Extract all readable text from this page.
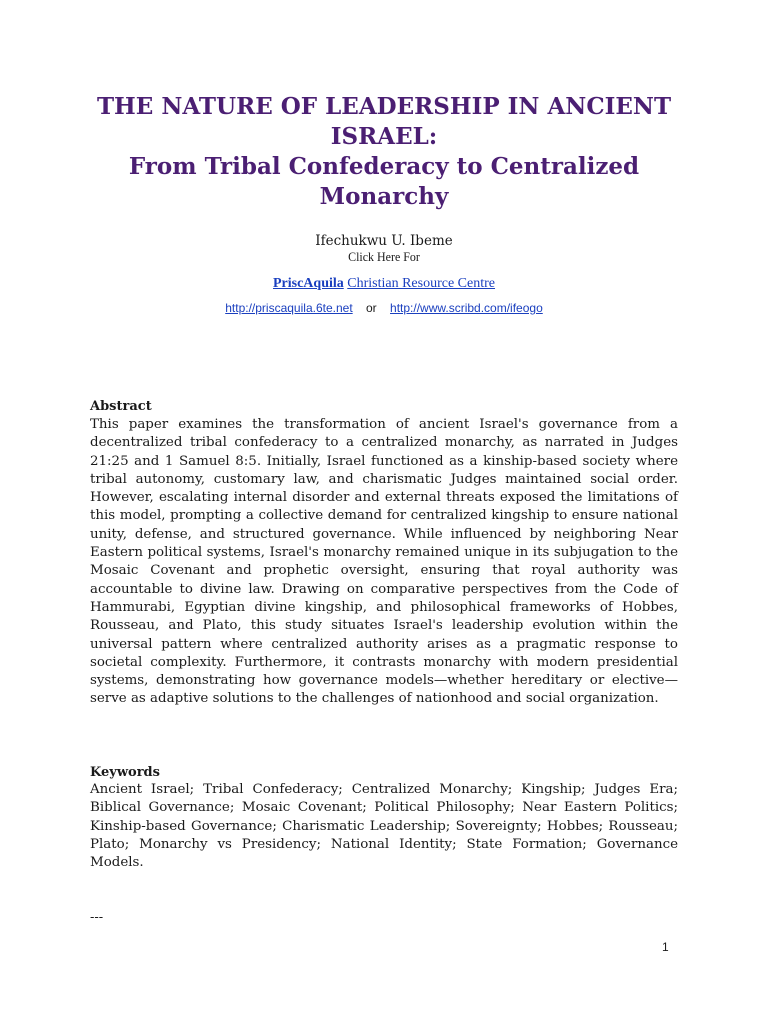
THE NATURE OF LEADERSHIP IN ANCIENT ISRAEL:
From Tribal Confederacy to Centralized Monarchy
Ifechukwu U. Ibeme
Click Here For
PriscAquila Christian Resource Centre
http://priscaquila.6te.net or http://www.scribd.com/ifeogo
Abstract
This paper examines the transformation of ancient Israel's governance from a decentralized tribal confederacy to a centralized monarchy, as narrated in Judges 21:25 and 1 Samuel 8:5. Initially, Israel functioned as a kinship-based society where tribal autonomy, customary law, and charismatic Judges maintained social order. However, escalating internal disorder and external threats exposed the limitations of this model, prompting a collective demand for centralized kingship to ensure national unity, defense, and structured governance. While influenced by neighboring Near Eastern political systems, Israel's monarchy remained unique in its subjugation to the Mosaic Covenant and prophetic oversight, ensuring that royal authority was accountable to divine law. Drawing on comparative perspectives from the Code of Hammurabi, Egyptian divine kingship, and philosophical frameworks of Hobbes, Rousseau, and Plato, this study situates Israel's leadership evolution within the universal pattern where centralized authority arises as a pragmatic response to societal complexity. Furthermore, it contrasts monarchy with modern presidential systems, demonstrating how governance models—whether hereditary or elective—serve as adaptive solutions to the challenges of nationhood and social organization.
Keywords
Ancient Israel; Tribal Confederacy; Centralized Monarchy; Kingship; Judges Era; Biblical Governance; Mosaic Covenant; Political Philosophy; Near Eastern Politics; Kinship-based Governance; Charismatic Leadership; Sovereignty; Hobbes; Rousseau; Plato; Monarchy vs Presidency; National Identity; State Formation; Governance Models.
---
1
